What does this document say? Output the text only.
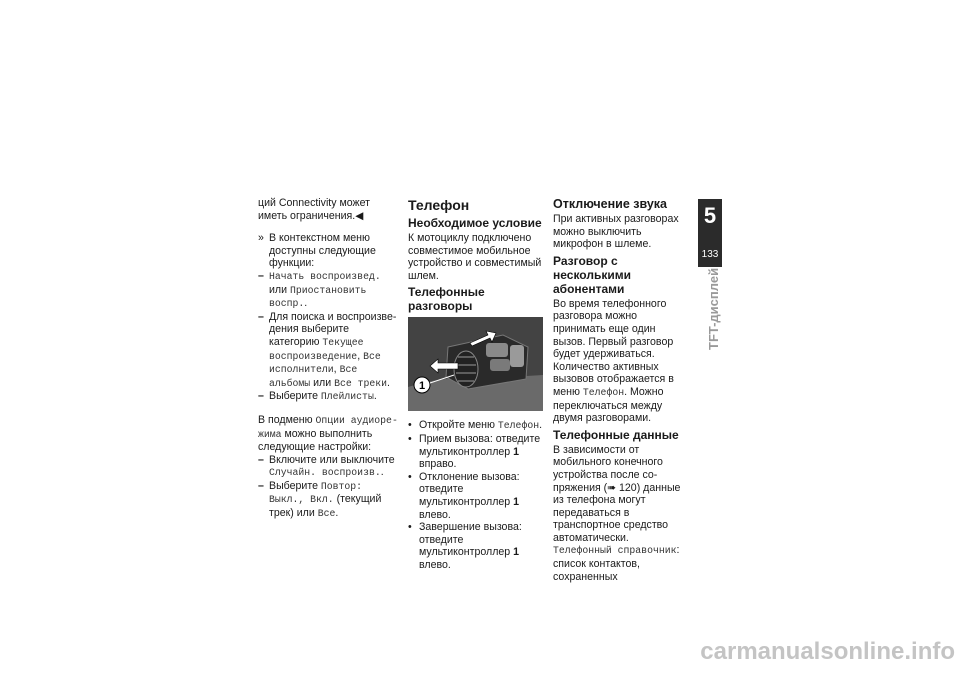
ций Connectivity может иметь ограничения.◀

» В контекстном меню доступны следующие функции:
– Начать воспроизвед. или Приостановить воспр..
– Для поиска и воспроизведения выберите категорию Текущее воспроизведение, Все исполнители, Все альбомы или Все треки.
– Выберите Плейлисты.

В подменю Опции аудиорежима можно выполнить следующие настройки:

– Включите или выключите Случайн. воспроизв..
– Выберите Повтор: Выкл., Вкл. (текущий трек) или Все.
Телефон
Необходимое условие

К мотоциклу подключено совместимое мобильное устройство и совместимый шлем.

Телефонные разговоры
1
• Откройте меню Телефон.
• Прием вызова: отведите мультиконтроллер 1 вправо.
• Отклонение вызова: отведите мультиконтроллер 1 влево.
• Завершение вызова: отведите мультиконтроллер 1 влево.
Отключение звука

При активных разговорах можно выключить микрофон в шлеме.

Разговор с несколькими абонентами

Во время телефонного разговора можно принимать еще один вызов. Первый разговор будет удерживаться. Количество активных вызовов отображается в меню Телефон. Можно переключаться между двумя разговорами.

Телефонные данные

В зависимости от мобильного конечного устройства после сопряжения (➠ 120) данные из телефона могут передаваться в транспортное средство автоматически.

Телефонный справочник:

список контактов, сохраненных

5
133
TFT-дисплей
carmanualsonline.info
